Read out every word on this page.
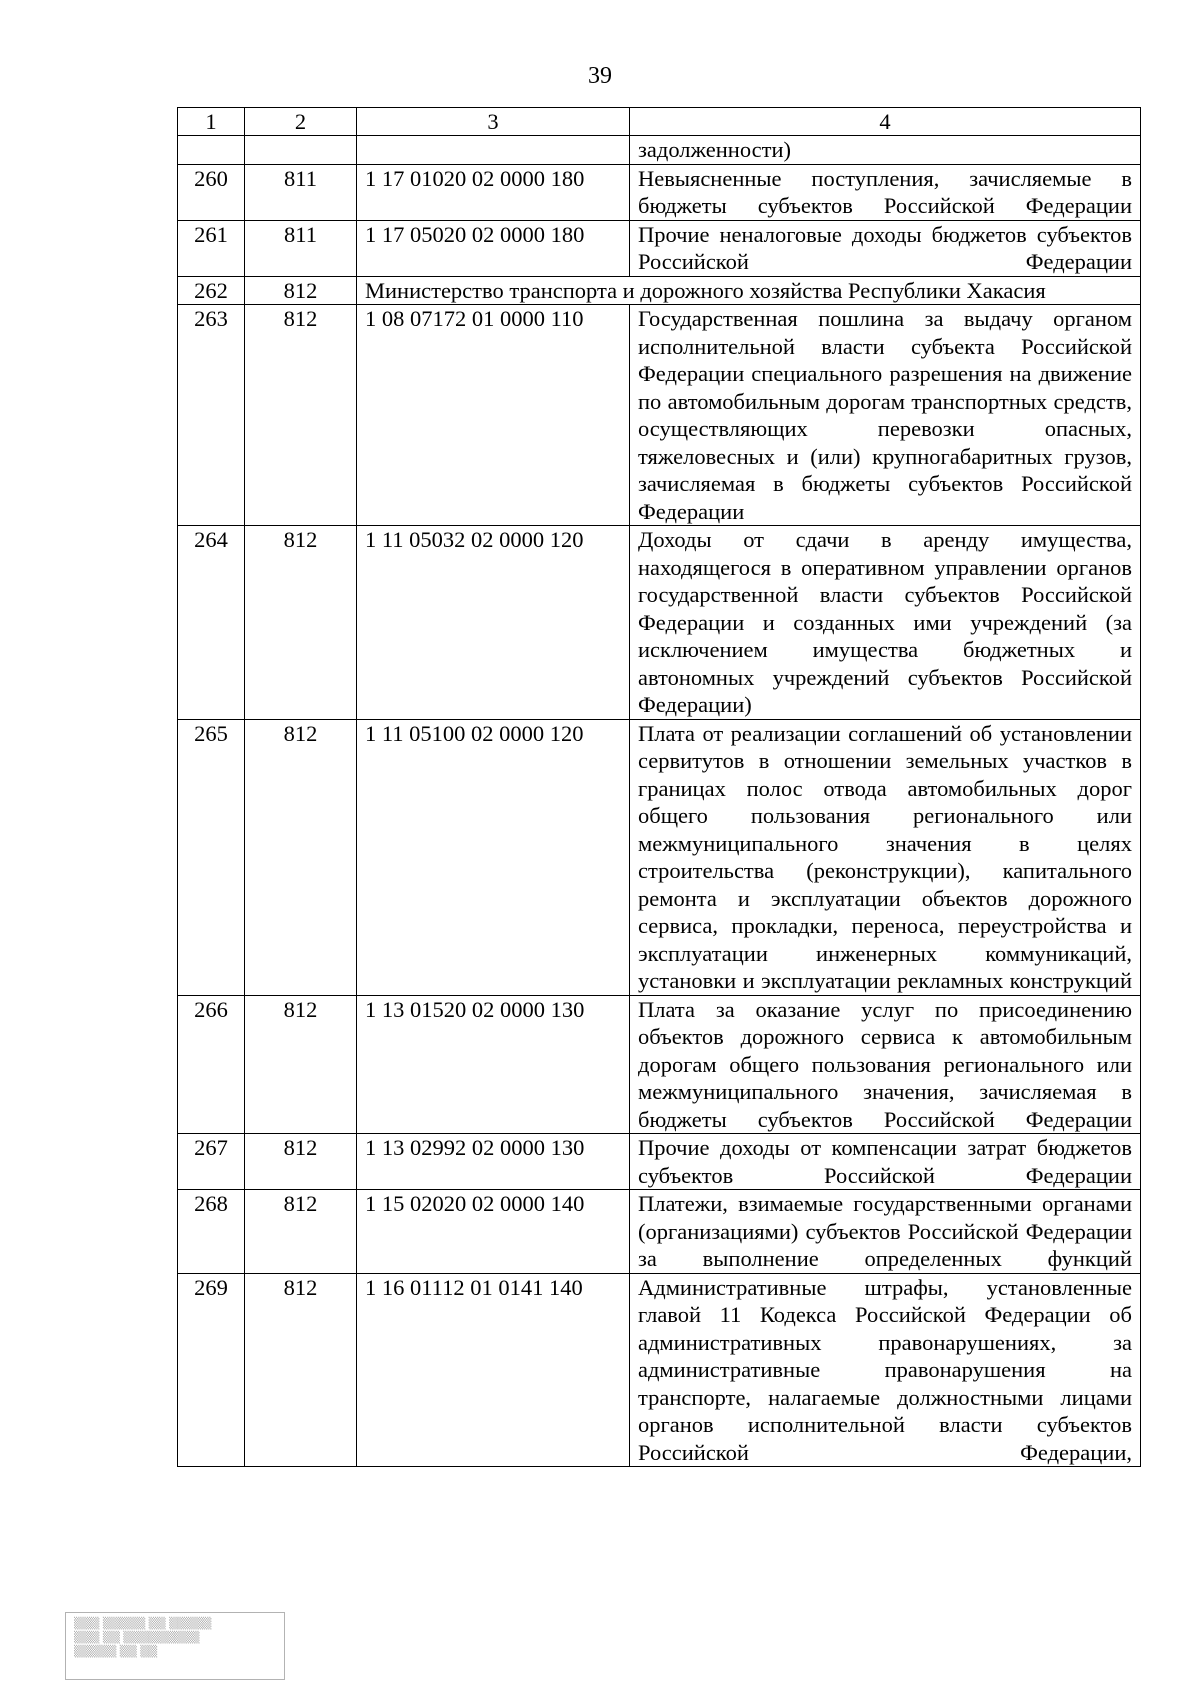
39
1	2	3	4
			задолженности)
260	811	1 17 01020 02 0000 180	Невыясненные поступления, зачисляемые в бюджеты субъектов Российской Федерации
261	811	1 17 05020 02 0000 180	Прочие неналоговые доходы бюджетов субъектов Российской Федерации
262	812	Министерство транспорта и дорожного хозяйства Республики Хакасия	
263	812	1 08 07172 01 0000 110	Государственная пошлина за выдачу органом исполнительной власти субъекта Российской Федерации специального разрешения на движение по автомобильным дорогам транспортных средств, осуществляющих перевозки опасных, тяжеловесных и (или) крупногабаритных грузов, зачисляемая в бюджеты субъектов Российской Федерации
264	812	1 11 05032 02 0000 120	Доходы от сдачи в аренду имущества, находящегося в оперативном управлении органов государственной власти субъектов Российской Федерации и созданных ими учреждений (за исключением имущества бюджетных и автономных учреждений субъектов Российской Федерации)
265	812	1 11 05100 02 0000 120	Плата от реализации соглашений об установлении сервитутов в отношении земельных участков в границах полос отвода автомобильных дорог общего пользования регионального или межмуниципального значения в целях строительства (реконструкции), капитального ремонта и эксплуатации объектов дорожного сервиса, прокладки, переноса, переустройства и эксплуатации инженерных коммуникаций, установки и эксплуатации рекламных конструкций
266	812	1 13 01520 02 0000 130	Плата за оказание услуг по присоединению объектов дорожного сервиса к автомобильным дорогам общего пользования регионального или межмуниципального значения, зачисляемая в бюджеты субъектов Российской Федерации
267	812	1 13 02992 02 0000 130	Прочие доходы от компенсации затрат бюджетов субъектов Российской Федерации
268	812	1 15 02020 02 0000 140	Платежи, взимаемые государственными органами (организациями) субъектов Российской Федерации за выполнение определенных функций
269	812	1 16 01112 01 0141 140	Административные штрафы, установленные главой 11 Кодекса Российской Федерации об административных правонарушениях, за административные правонарушения на транспорте, налагаемые должностными лицами органов исполнительной власти субъектов Российской Федерации,
▒▒▒ ▒▒▒▒▒ ▒▒ ▒▒▒▒▒
▒▒▒ ▒▒ ▒▒▒▒▒▒▒▒▒
▒▒▒▒▒ ▒▒ ▒▒
